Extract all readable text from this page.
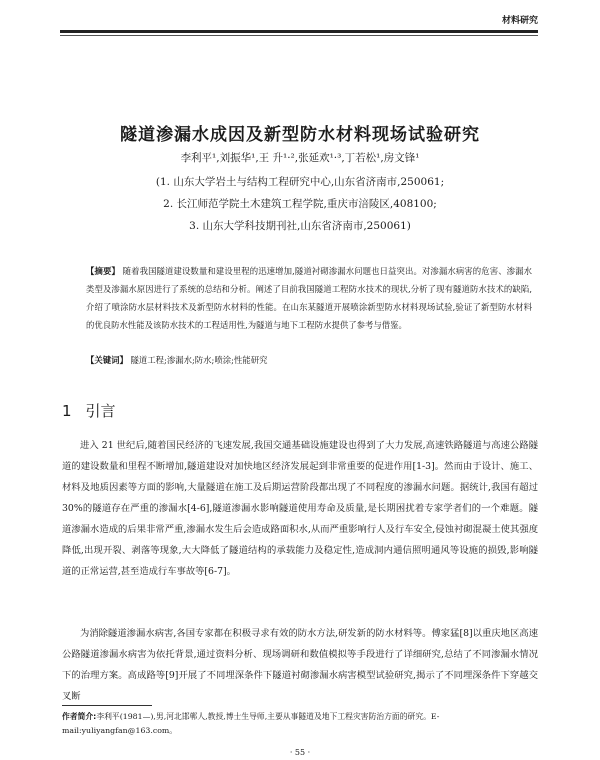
材料研究
隧道渗漏水成因及新型防水材料现场试验研究
李利平¹,刘振华¹,王 升¹·²,张延欢¹·³,丁若松¹,房文锋¹
(1. 山东大学岩土与结构工程研究中心,山东省济南市,250061;
2. 长江师范学院土木建筑工程学院,重庆市涪陵区,408100;
3. 山东大学科技期刊社,山东省济南市,250061)
【摘要】 随着我国隧道建设数量和建设里程的迅速增加,隧道衬砌渗漏水问题也日益突出。对渗漏水病害的危害、渗漏水类型及渗漏水原因进行了系统的总结和分析。阐述了目前我国隧道工程防水技术的现状,分析了现有隧道防水技术的缺陷,介绍了喷涂防水层材料技术及新型防水材料的性能。在山东某隧道开展喷涂新型防水材料现场试验,验证了新型防水材料的优良防水性能及该防水技术的工程适用性,为隧道与地下工程防水提供了参考与借鉴。
【关键词】 隧道工程;渗漏水;防水;喷涂;性能研究
1 引言
进入 21 世纪后,随着国民经济的飞速发展,我国交通基础设施建设也得到了大力发展,高速铁路隧道与高速公路隧道的建设数量和里程不断增加,隧道建设对加快地区经济发展起到非常重要的促进作用[1-3]。然而由于设计、施工、材料及地质因素等方面的影响,大量隧道在施工及后期运营阶段都出现了不同程度的渗漏水问题。据统计,我国有超过 30%的隧道存在严重的渗漏水[4-6],隧道渗漏水影响隧道使用寿命及质量,是长期困扰着专家学者们的一个难题。隧道渗漏水造成的后果非常严重,渗漏水发生后会造成路面积水,从而严重影响行人及行车安全,侵蚀衬砌混凝土使其强度降低,出现开裂、剥落等现象,大大降低了隧道结构的承载能力及稳定性,造成洞内通信照明通风等设施的损毁,影响隧道的正常运营,甚至造成行车事故等[6-7]。
为消除隧道渗漏水病害,各国专家都在积极寻求有效的防水方法,研发新的防水材料等。傅家猛[8]以重庆地区高速公路隧道渗漏水病害为依托背景,通过资料分析、现场调研和数值模拟等手段进行了详细研究,总结了不同渗漏水情况下的治理方案。高成路等[9]开展了不同埋深条件下隧道衬砌渗漏水病害模型试验研究,揭示了不同埋深条件下穿越交叉断
作者简介:李利平(1981—),男,河北邯郸人,教授,博士生导师,主要从事隧道及地下工程灾害防治方面的研究。E-mail:yuliyangfan@163.com。
· 55 ·
